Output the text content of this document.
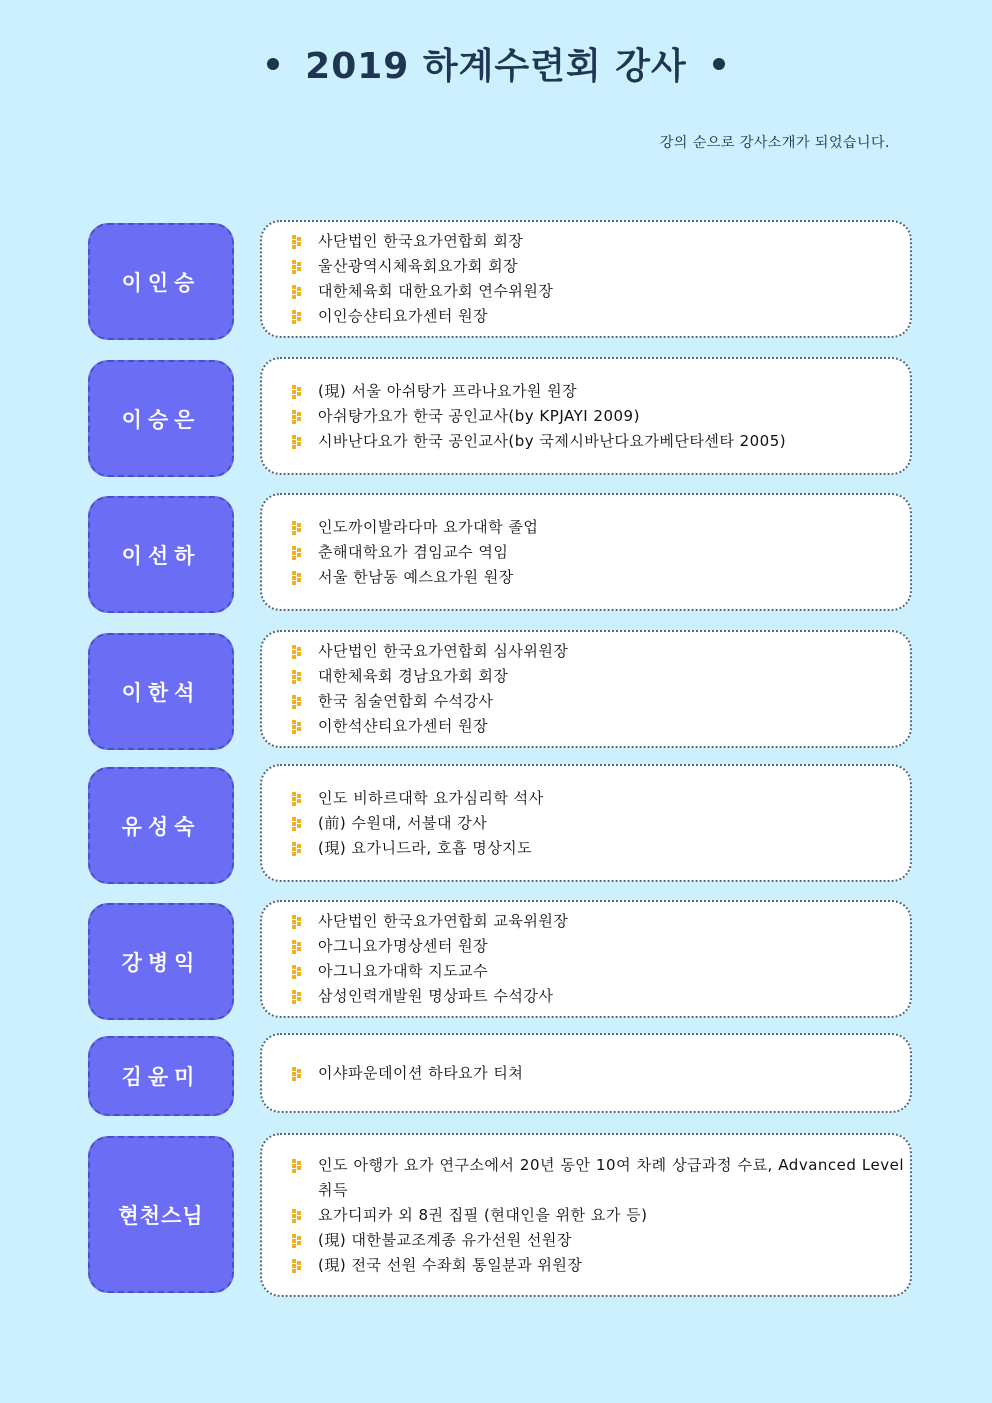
2019 하계수련회 강사
강의 순으로 강사소개가 되었습니다.
이인승
사단법인 한국요가연합회 회장
울산광역시체육회요가회 회장
대한체육회 대한요가회 연수위원장
이인승샨티요가센터 원장
이승은
(現) 서울 아쉬탕가 프라나요가원 원장
아쉬탕가요가 한국 공인교사(by KPJAYI 2009)
시바난다요가 한국 공인교사(by 국제시바난다요가베단타센타 2005)
이선하
인도까이발라다마 요가대학 졸업
춘해대학요가 겸임교수 역임
서울 한남동 예스요가원 원장
이한석
사단법인 한국요가연합회 심사위원장
대한체육회 경남요가회 회장
한국 침술연합회 수석강사
이한석샨티요가센터 원장
유성숙
인도 비하르대학 요가심리학 석사
(前) 수원대, 서불대 강사
(現) 요가니드라, 호흡 명상지도
강병익
사단법인 한국요가연합회 교육위원장
아그니요가명상센터 원장
아그니요가대학 지도교수
삼성인력개발원 명상파트 수석강사
김윤미	이샤파운데이션 하타요가 티쳐
현천스님
인도 아행가 요가 연구소에서 20년 동안 10여 차례 상급과정 수료, Advanced Level 취득
요가디피카 외 8권 집필 (현대인을 위한 요가 등)
(現) 대한불교조계종 유가선원 선원장
(現) 전국 선원 수좌회 통일분과 위원장
